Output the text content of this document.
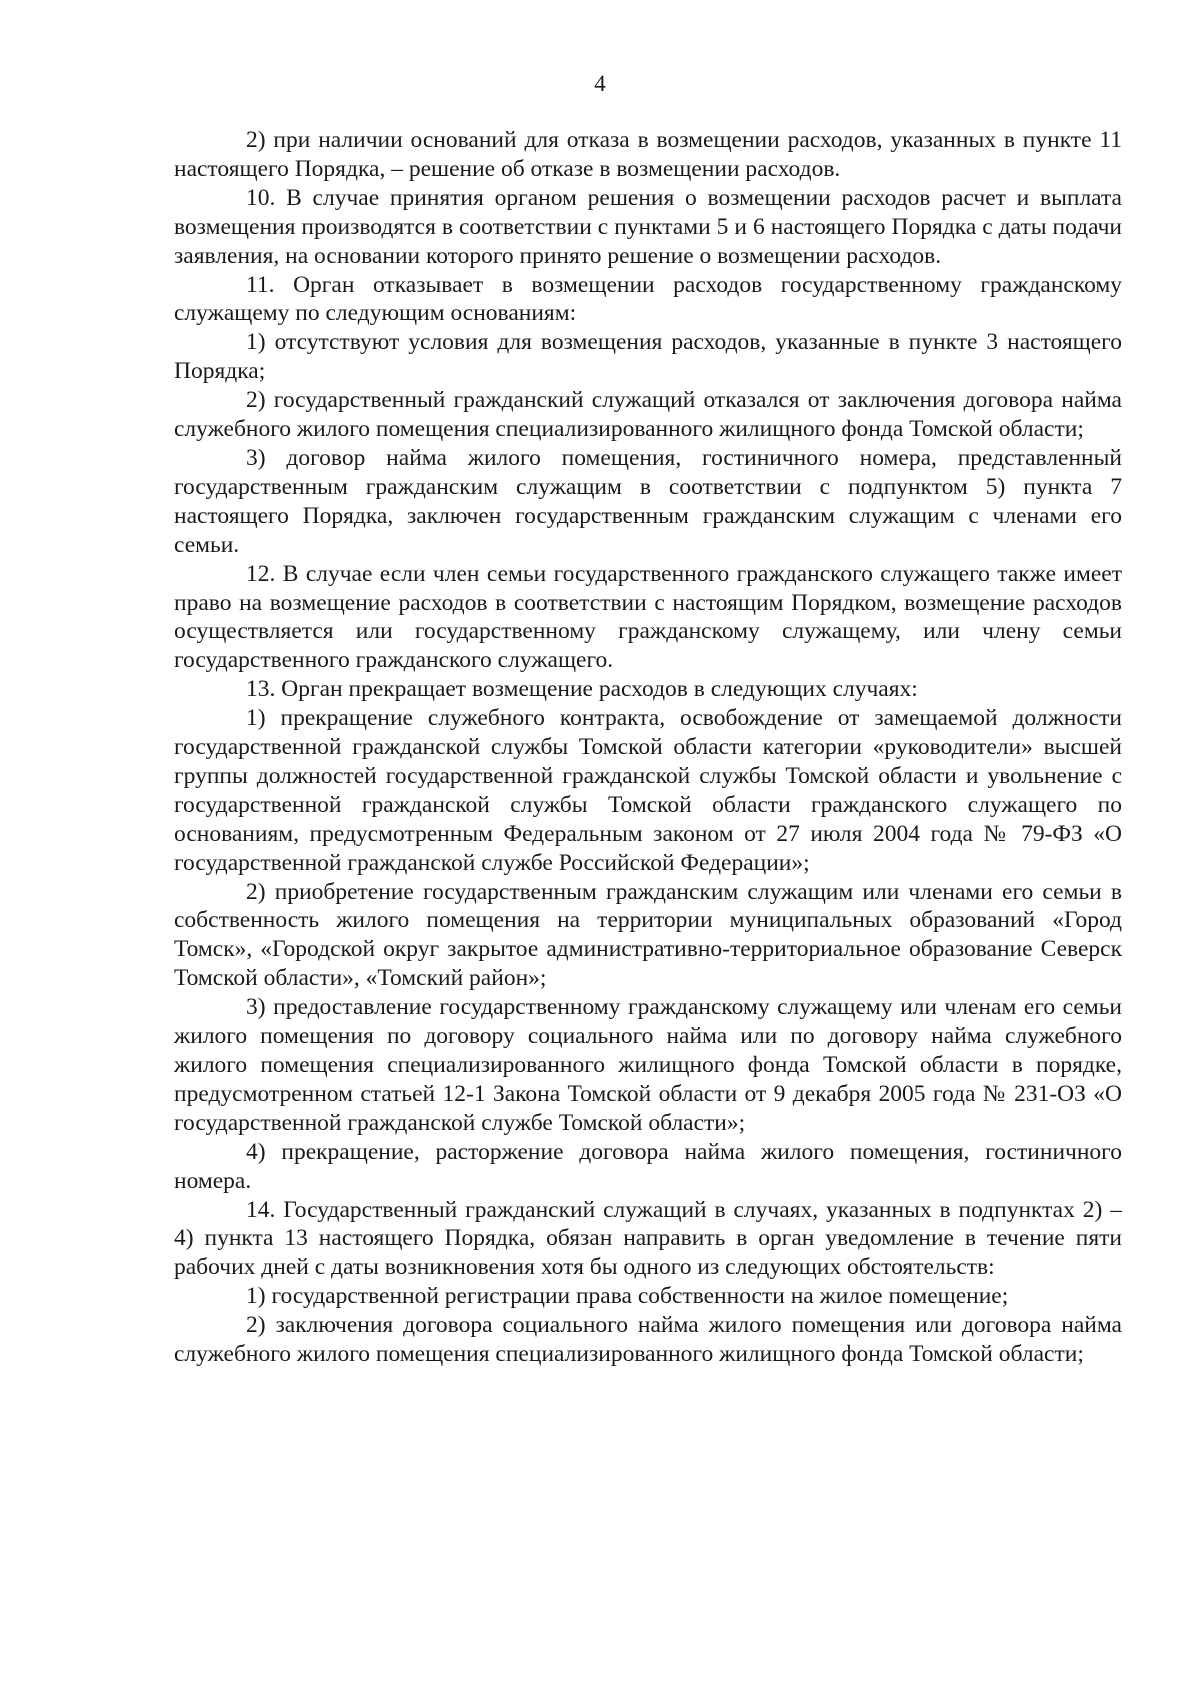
4

2) при наличии оснований для отказа в возмещении расходов, указанных в пункте 11 настоящего Порядка, – решение об отказе в возмещении расходов.

10. В случае принятия органом решения о возмещении расходов расчет и выплата возмещения производятся в соответствии с пунктами 5 и 6 настоящего Порядка с даты подачи заявления, на основании которого принято решение о возмещении расходов.

11. Орган отказывает в возмещении расходов государственному гражданскому служащему по следующим основаниям:

1) отсутствуют условия для возмещения расходов, указанные в пункте 3 настоящего Порядка;

2) государственный гражданский служащий отказался от заключения договора найма служебного жилого помещения специализированного жилищного фонда Томской области;

3) договор найма жилого помещения, гостиничного номера, представленный государственным гражданским служащим в соответствии с подпунктом 5) пункта 7 настоящего Порядка, заключен государственным гражданским служащим с членами его семьи.

12. В случае если член семьи государственного гражданского служащего также имеет право на возмещение расходов в соответствии с настоящим Порядком, возмещение расходов осуществляется или государственному гражданскому служащему, или члену семьи государственного гражданского служащего.

13. Орган прекращает возмещение расходов в следующих случаях:

1) прекращение служебного контракта, освобождение от замещаемой должности государственной гражданской службы Томской области категории «руководители» высшей группы должностей государственной гражданской службы Томской области и увольнение с государственной гражданской службы Томской области гражданского служащего по основаниям, предусмотренным Федеральным законом от 27 июля 2004 года № 79-ФЗ «О государственной гражданской службе Российской Федерации»;

2) приобретение государственным гражданским служащим или членами его семьи в собственность жилого помещения на территории муниципальных образований «Город Томск», «Городской округ закрытое административно-территориальное образование Северск Томской области», «Томский район»;

3) предоставление государственному гражданскому служащему или членам его семьи жилого помещения по договору социального найма или по договору найма служебного жилого помещения специализированного жилищного фонда Томской области в порядке, предусмотренном статьей 12-1 Закона Томской области от 9 декабря 2005 года № 231-ОЗ «О государственной гражданской службе Томской области»;

4) прекращение, расторжение договора найма жилого помещения, гостиничного номера.

14. Государственный гражданский служащий в случаях, указанных в подпунктах 2) – 4) пункта 13 настоящего Порядка, обязан направить в орган уведомление в течение пяти рабочих дней с даты возникновения хотя бы одного из следующих обстоятельств:

1) государственной регистрации права собственности на жилое помещение;

2) заключения договора социального найма жилого помещения или договора найма служебного жилого помещения специализированного жилищного фонда Томской области;
